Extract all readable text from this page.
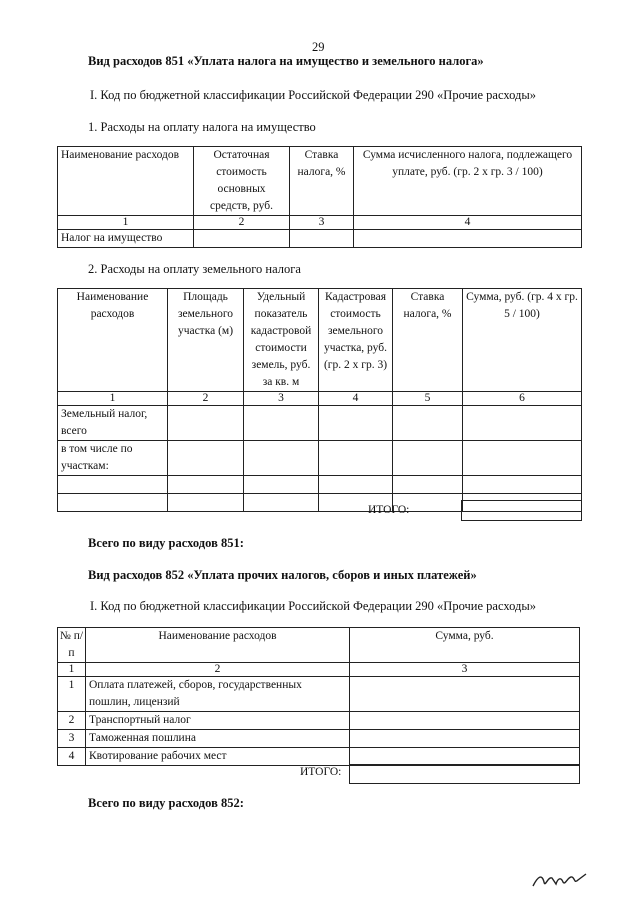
29
Вид расходов 851 «Уплата налога на имущество и земельного налога»
I. Код по бюджетной классификации Российской Федерации 290 «Прочие расходы»
1. Расходы на оплату налога на имущество
Наименование расходов	Остаточная стоимость основных средств, руб.	Ставка налога, %	Сумма исчисленного налога, подлежащего уплате, руб. (гр. 2 х гр. 3 / 100)
1	2	3	4
Налог на имущество			
2. Расходы на оплату земельного налога
Наименование расходов	Площадь земельного участка (м)	Удельный показатель кадастровой стоимости земель, руб. за кв. м	Кадастровая стоимость земельного участка, руб. (гр. 2 х гр. 3)	Ставка налога, %	Сумма, руб. (гр. 4 х гр. 5 / 100)
1	2	3	4	5	6
Земельный налог, всего					
в том числе по участкам:					

ИТОГО:
Всего по виду расходов 851:
Вид расходов 852 «Уплата прочих налогов, сборов и иных платежей»
I. Код по бюджетной классификации Российской Федерации 290 «Прочие расходы»
№ п/п	Наименование расходов	Сумма, руб.
1	2	3
1	Оплата платежей, сборов, государственных пошлин, лицензий	
2	Транспортный налог	
3	Таможенная пошлина	
4	Квотирование рабочих мест	
ИТОГО:
Всего по виду расходов 852:
